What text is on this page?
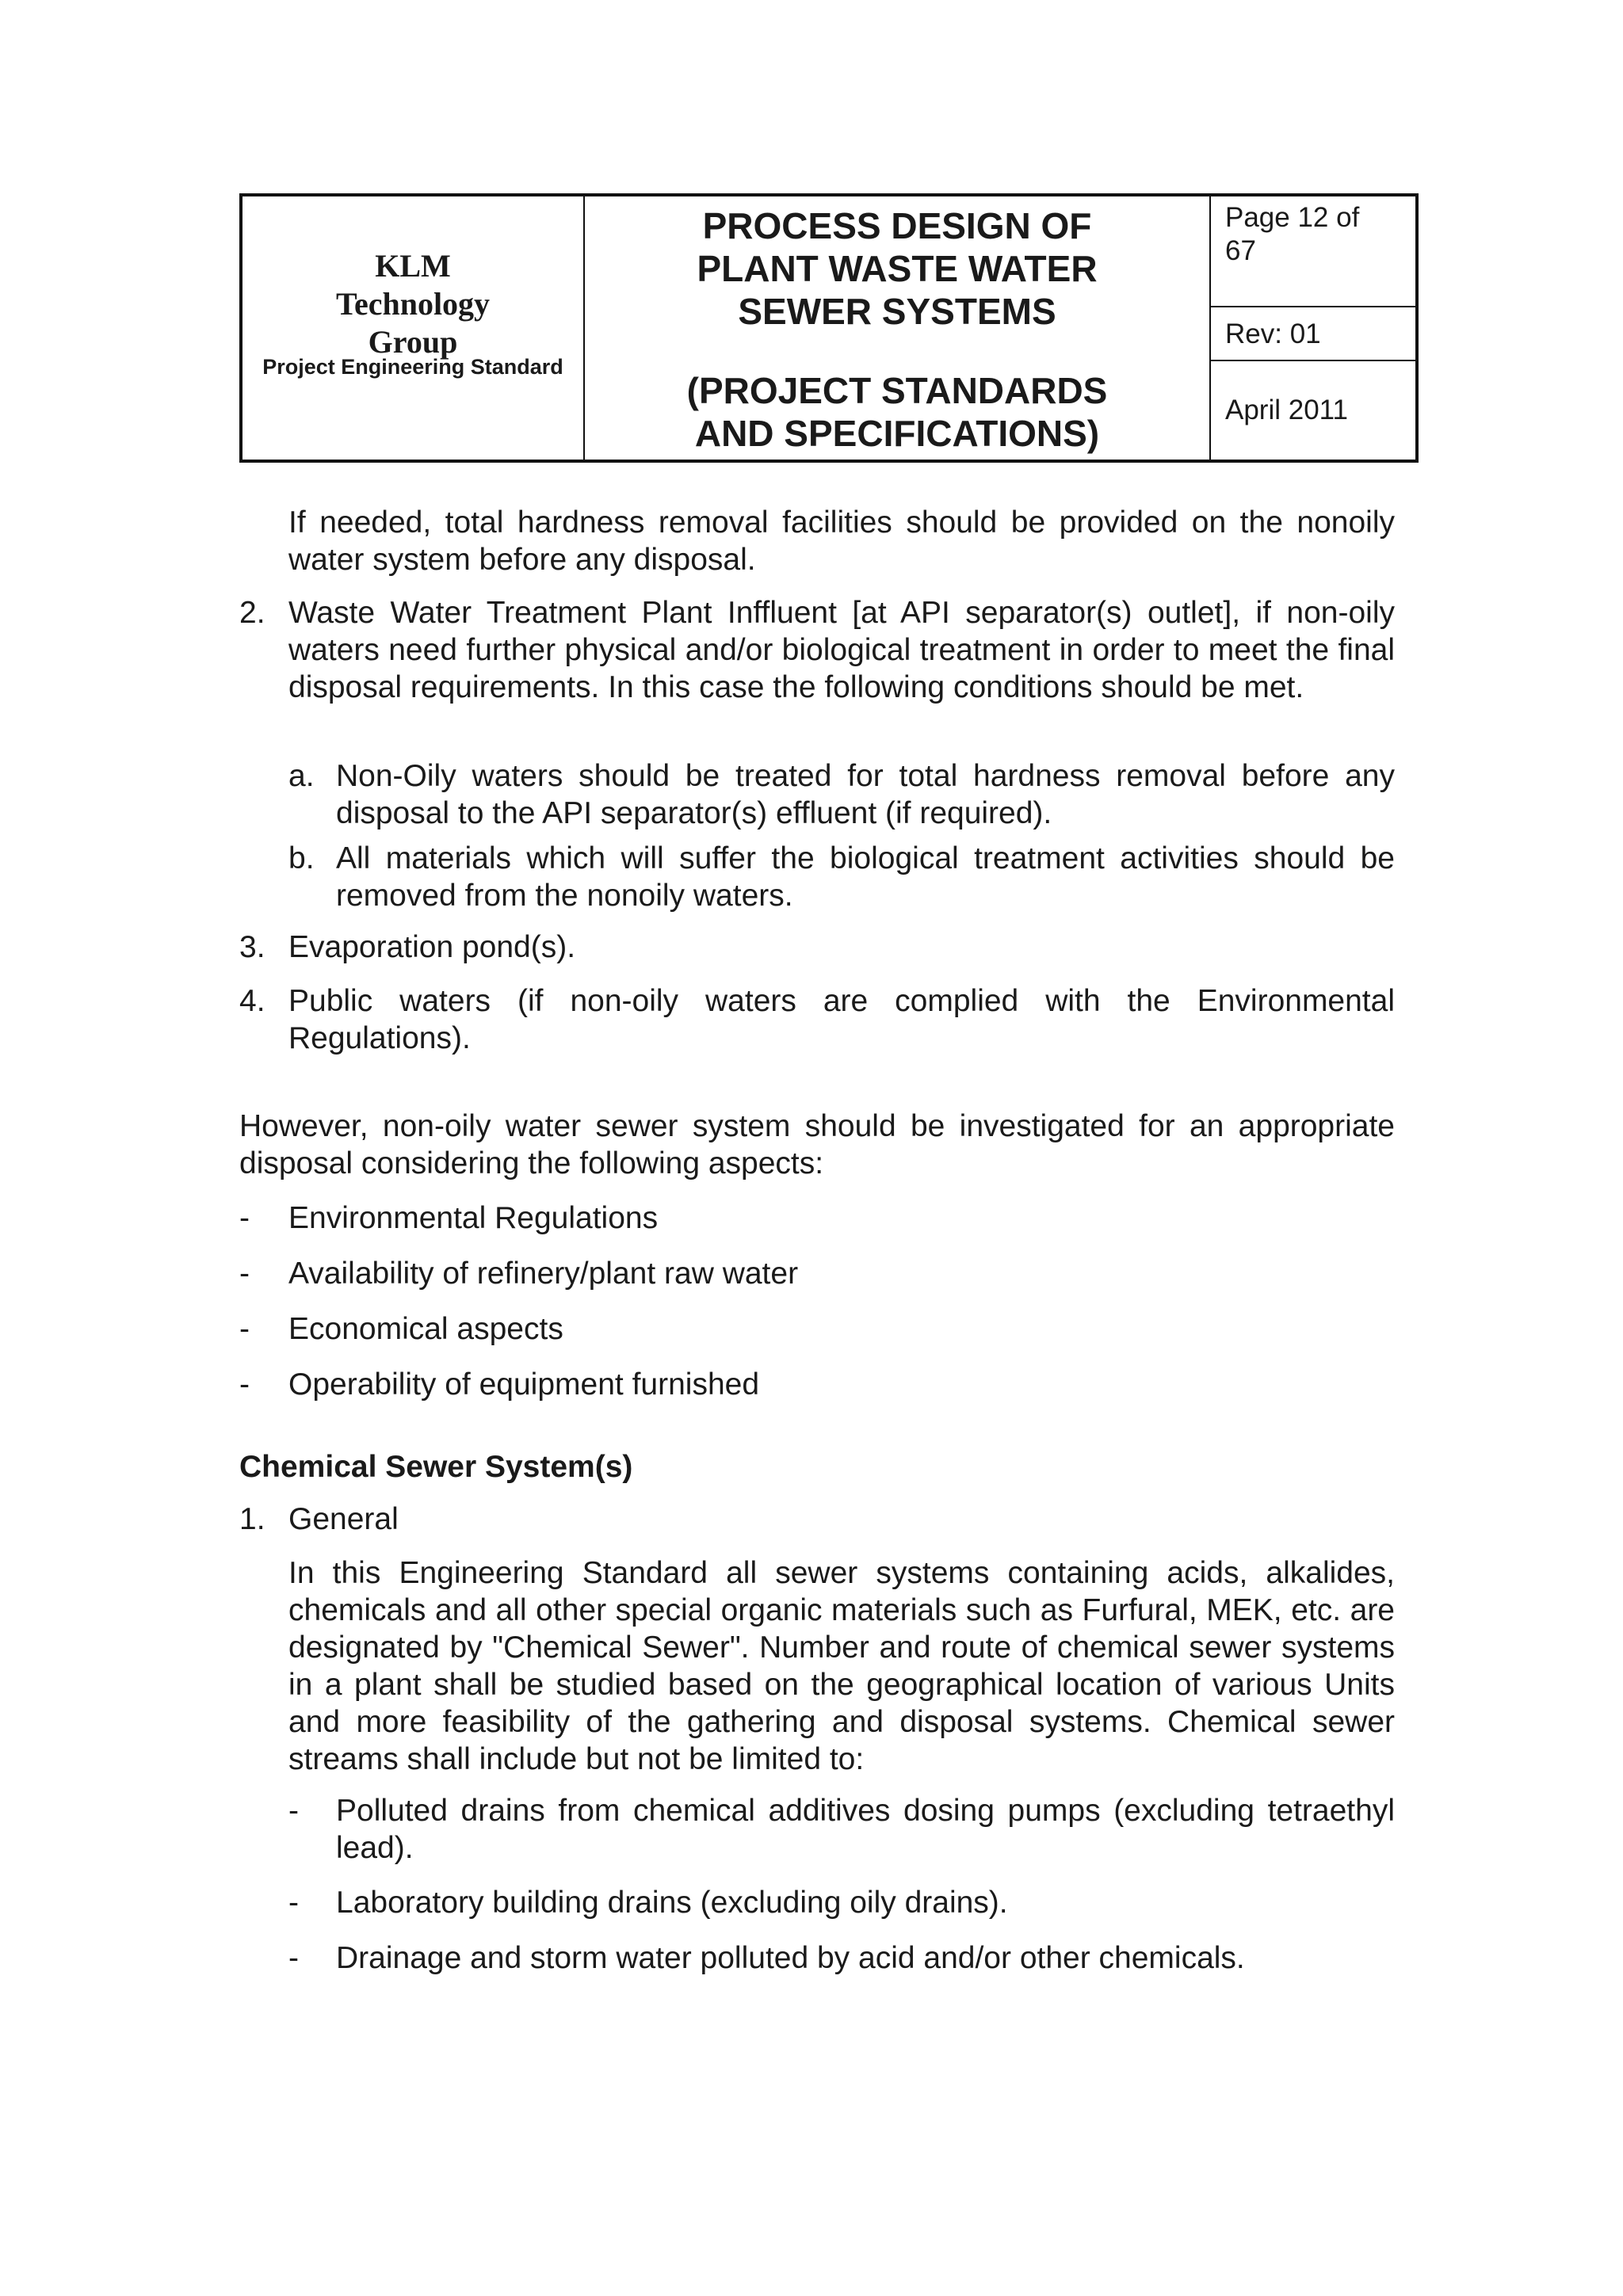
KLM Technology Group
Project Engineering Standard
PROCESS DESIGN OF PLANT WASTE WATER SEWER SYSTEMS
(PROJECT STANDARDS AND SPECIFICATIONS)
Page 12 of 67
Rev: 01
April 2011
If needed, total hardness removal facilities should be provided on the nonoily water system before any disposal.
2. Waste Water Treatment Plant Inffluent [at API separator(s) outlet], if non-oily waters need further physical and/or biological treatment in order to meet the final disposal requirements. In this case the following conditions should be met.
a. Non-Oily waters should be treated for total hardness removal before any disposal to the API separator(s) effluent (if required).
b. All materials which will suffer the biological treatment activities should be removed from the nonoily waters.
3. Evaporation pond(s).
4. Public waters (if non-oily waters are complied with the Environmental Regulations).
However, non-oily water sewer system should be investigated for an appropriate disposal considering the following aspects:
- Environmental Regulations
- Availability of refinery/plant raw water
- Economical aspects
- Operability of equipment furnished
Chemical Sewer System(s)
1. General
In this Engineering Standard all sewer systems containing acids, alkalides, chemicals and all other special organic materials such as Furfural, MEK, etc. are designated by "Chemical Sewer". Number and route of chemical sewer systems in a plant shall be studied based on the geographical location of various Units and more feasibility of the gathering and disposal systems. Chemical sewer streams shall include but not be limited to:
- Polluted drains from chemical additives dosing pumps (excluding tetraethyl lead).
- Laboratory building drains (excluding oily drains).
- Drainage and storm water polluted by acid and/or other chemicals.
